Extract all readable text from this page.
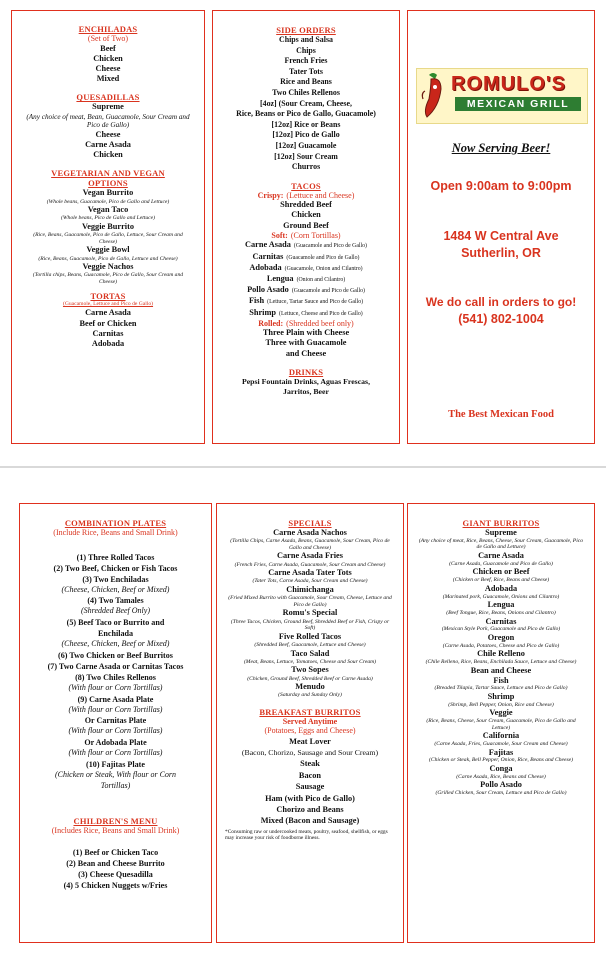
ENCHILADAS
(Set of Two)
Beef
Chicken
Cheese
Mixed
QUESADILLAS
Supreme
(Any choice of meat, Bean, Guacamole, Sour Cream and Pico de Gallo)
Cheese
Carne Asada
Chicken
VEGETARIAN AND VEGAN
OPTIONS
Vegan Burrito
(Whole beans, Guacamole, Pico de Gallo and Lettuce)
Vegan Taco
(Whole beans, Pico de Gallo and Lettuce)
Veggie Burrito
(Rice, Beans, Guacamole, Pico de Gallo, Lettuce, Sour Cream and Cheese)
Veggie Bowl
(Rice, Beans, Guacamole, Pico de Gallo, Lettuce and Cheese)
Veggie Nachos
(Tortilla chips, Beans, Guacamole, Pico de Gallo, Sour Cream and Cheese)
TORTAS
(Guacamole, Lettuce and Pico de Gallo)
Carne Asada
Beef or Chicken
Carnitas
Adobada
SIDE ORDERS
Chips and Salsa
Chips
French Fries
Tater Tots
Rice and Beans
Two Chiles Rellenos
[4oz] (Sour Cream, Cheese,
Rice, Beans or Pico de Gallo, Guacamole)
[12oz] Rice or Beans
[12oz] Pico de Gallo
[12oz] Guacamole
[12oz] Sour Cream
Churros
TACOS
Crispy: (Lettuce and Cheese)
Shredded Beef
Chicken
Ground Beef
Soft: (Corn Tortillas)
Carne Asada (Guacamole and Pico de Gallo)
Carnitas (Guacamole and Pico de Gallo)
Adobada (Guacamole, Onion and Cilantro)
Lengua (Onion and Cilantro)
Pollo Asado (Guacamole and Pico de Gallo)
Fish (Lettuce, Tartar Sauce and Pico de Gallo)
Shrimp (Lettuce, Cheese and Pico de Gallo)
Rolled: (Shredded beef only)
Three Plain with Cheese
Three with Guacamole
and Cheese
DRINKS
Pepsi Fountain Drinks, Aguas Frescas,
Jarritos, Beer
ROMULO'S
MEXICAN GRILL
Now Serving Beer!
Open 9:00am to 9:00pm
1484 W Central Ave
Sutherlin, OR
We do call in orders to go!
(541) 802-1004
The Best Mexican Food
COMBINATION PLATES
(Include Rice, Beans and Small Drink)
(1) Three Rolled Tacos
(2) Two Beef, Chicken or Fish Tacos
(3) Two Enchiladas
(Cheese, Chicken, Beef or Mixed)
(4) Two Tamales
(Shredded Beef Only)
(5) Beef Taco or Burrito and
Enchilada
(Cheese, Chicken, Beef or Mixed)
(6) Two Chicken or Beef Burritos
(7) Two Carne Asada or Carnitas Tacos
(8) Two Chiles Rellenos
(With flour or Corn Tortillas)
(9) Carne Asada Plate
(With flour or Corn Tortillas)
Or Carnitas Plate
(With flour or Corn Tortillas)
Or Adobada Plate
(With flour or Corn Tortillas)
(10) Fajitas Plate
(Chicken or Steak, With flour or Corn
Tortillas)
CHILDREN'S MENU
(Includes Rice, Beans and Small Drink)
(1) Beef or Chicken Taco
(2) Bean and Cheese Burrito
(3) Cheese Quesadilla
(4) 5 Chicken Nuggets w/Fries
SPECIALS
Carne Asada Nachos
(Tortilla Chips, Carne Asada, Beans, Guacamole, Sour Cream, Pico de Gallo and Cheese)
Carne Asada Fries
(French Fries, Carne Asada, Guacamole, Sour Cream and Cheese)
Carne Asada Tater Tots
(Tater Tots, Carne Asada, Sour Cream and Cheese)
Chimichanga
(Fried Mixed Burrito with Guacamole, Sour Cream, Cheese, Lettuce and Pico de Gallo)
Romu's Special
(Three Tacos, Chicken, Ground Beef, Shredded Beef or Fish, Crispy or Soft)
Five Rolled Tacos
(Shredded Beef, Guacamole, Lettuce and Cheese)
Taco Salad
(Meat, Beans, Lettuce, Tomatoes, Cheese and Sour Cream)
Two Sopes
(Chicken, Ground Beef, Shredded Beef or Carne Asada)
Menudo
(Saturday and Sunday Only)
BREAKFAST BURRITOS
Served Anytime
(Potatoes, Eggs and Cheese)
Meat Lover
(Bacon, Chorizo, Sausage and Sour Cream)
Steak
Bacon
Sausage
Ham (with Pico de Gallo)
Chorizo and Beans
Mixed (Bacon and Sausage)
*Consuming raw or undercooked meats, poultry, seafood, shellfish, or eggs may increase your risk of foodborne illness.
GIANT BURRITOS
Supreme
(Any choice of meat, Rice, Beans, Cheese, Sour Cream, Guacamole, Pico de Gallo and Lettuce)
Carne Asada
(Carne Asada, Guacamole and Pico de Gallo)
Chicken or Beef
(Chicken or Beef, Rice, Beans and Cheese)
Adobada
(Marinated pork, Guacamole, Onions and Cilantro)
Lengua
(Beef Tongue, Rice, Beans, Onions and Cilantro)
Carnitas
(Mexican Style Pork, Guacamole and Pico de Gallo)
Oregon
(Carne Asada, Potatoes, Cheese and Pico de Gallo)
Chile Relleno
(Chile Relleno, Rice, Beans, Enchilada Sauce, Lettuce and Cheese)
Bean and Cheese
Fish
(Breaded Tilapia, Tartar Sauce, Lettuce and Pico de Gallo)
Shrimp
(Shrimp, Bell Pepper, Onion, Rice and Cheese)
Veggie
(Rice, Beans, Cheese, Sour Cream, Guacamole, Pico de Gallo and Lettuce)
California
(Carne Asada, Fries, Guacamole, Sour Cream and Cheese)
Fajitas
(Chicken or Steak, Bell Pepper, Onion, Rice, Beans and Cheese)
Conga
(Carne Asada, Rice, Beans and Cheese)
Pollo Asado
(Grilled Chicken, Sour Cream, Lettuce and Pico de Gallo)
